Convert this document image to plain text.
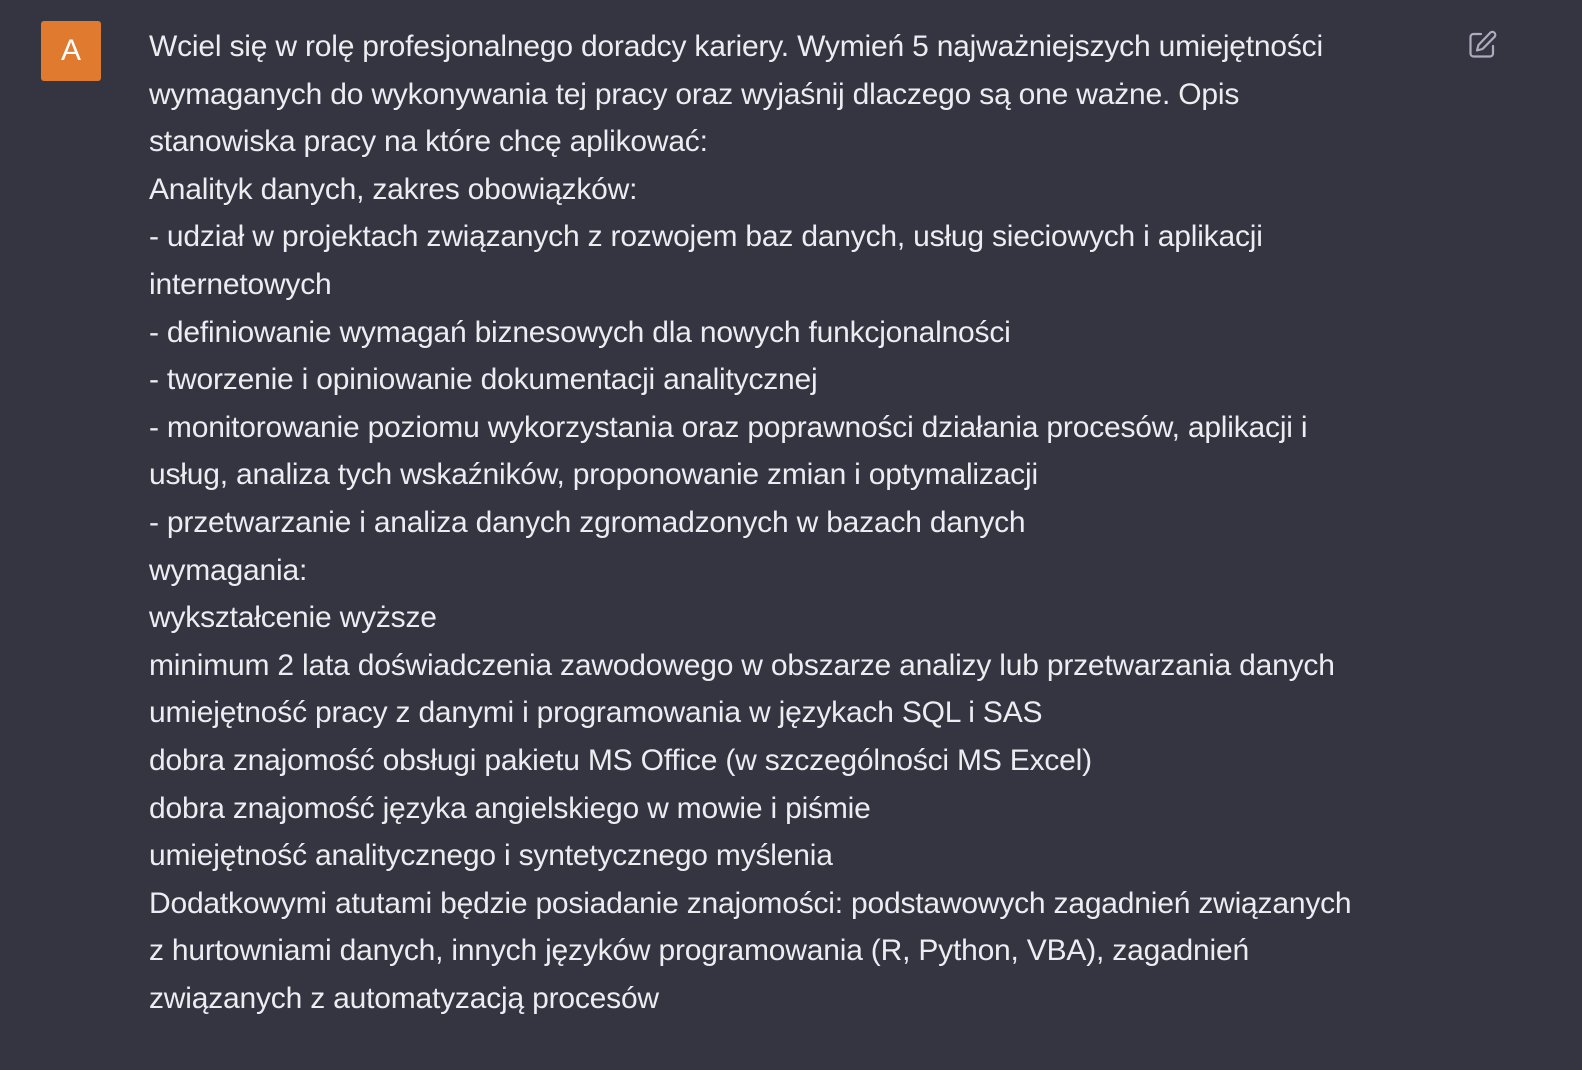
A	Wciel się w rolę profesjonalnego doradcy kariery. Wymień 5 najważniejszych umiejętności
wymaganych do wykonywania tej pracy oraz wyjaśnij dlaczego są one ważne. Opis
stanowiska pracy na które chcę aplikować:
Analityk danych, zakres obowiązków:
- udział w projektach związanych z rozwojem baz danych, usług sieciowych i aplikacji
internetowych
- definiowanie wymagań biznesowych dla nowych funkcjonalności
- tworzenie i opiniowanie dokumentacji analitycznej
- monitorowanie poziomu wykorzystania oraz poprawności działania procesów, aplikacji i
usług, analiza tych wskaźników, proponowanie zmian i optymalizacji
- przetwarzanie i analiza danych zgromadzonych w bazach danych
wymagania:
wykształcenie wyższe
minimum 2 lata doświadczenia zawodowego w obszarze analizy lub przetwarzania danych
umiejętność pracy z danymi i programowania w językach SQL i SAS
dobra znajomość obsługi pakietu MS Office (w szczególności MS Excel)
dobra znajomość języka angielskiego w mowie i piśmie
umiejętność analitycznego i syntetycznego myślenia
Dodatkowymi atutami będzie posiadanie znajomości: podstawowych zagadnień związanych
z hurtowniami danych, innych języków programowania (R, Python, VBA), zagadnień
związanych z automatyzacją procesów
